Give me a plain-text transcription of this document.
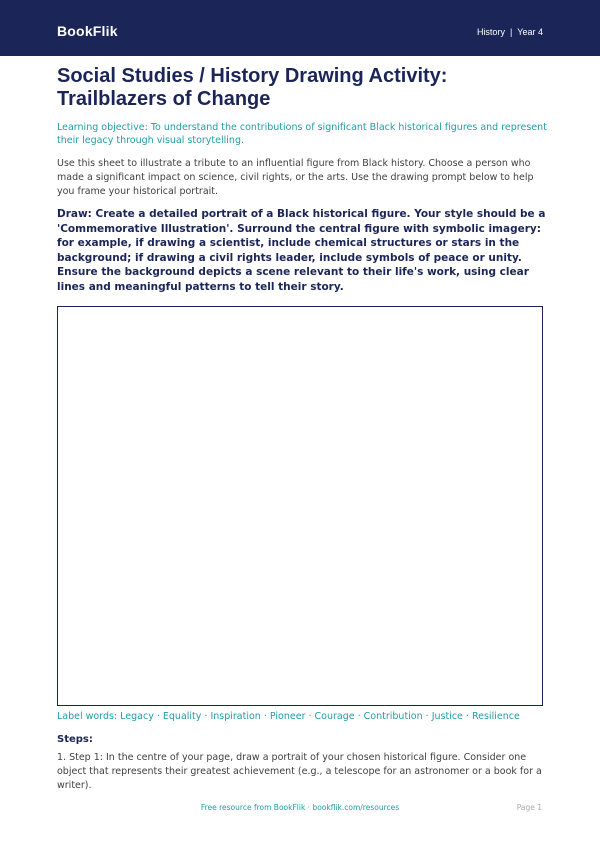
BookFlik	History | Year 4
Social Studies / History Drawing Activity: Trailblazers of Change

Learning objective: To understand the contributions of significant Black historical figures and represent their legacy through visual storytelling.

Use this sheet to illustrate a tribute to an influential figure from Black history. Choose a person who made a significant impact on science, civil rights, or the arts. Use the drawing prompt below to help you frame your historical portrait.

Draw: Create a detailed portrait of a Black historical figure. Your style should be a 'Commemorative Illustration'. Surround the central figure with symbolic imagery: for example, if drawing a scientist, include chemical structures or stars in the background; if drawing a civil rights leader, include symbols of peace or unity. Ensure the background depicts a scene relevant to their life's work, using clear lines and meaningful patterns to tell their story.

Label words: Legacy · Equality · Inspiration · Pioneer · Courage · Contribution · Justice · Resilience

Steps:
1. Step 1: In the centre of your page, draw a portrait of your chosen historical figure. Consider one object that represents their greatest achievement (e.g., a telescope for an astronomer or a book for a writer).
Free resource from BookFlik · bookflik.com/resources	Page 1
